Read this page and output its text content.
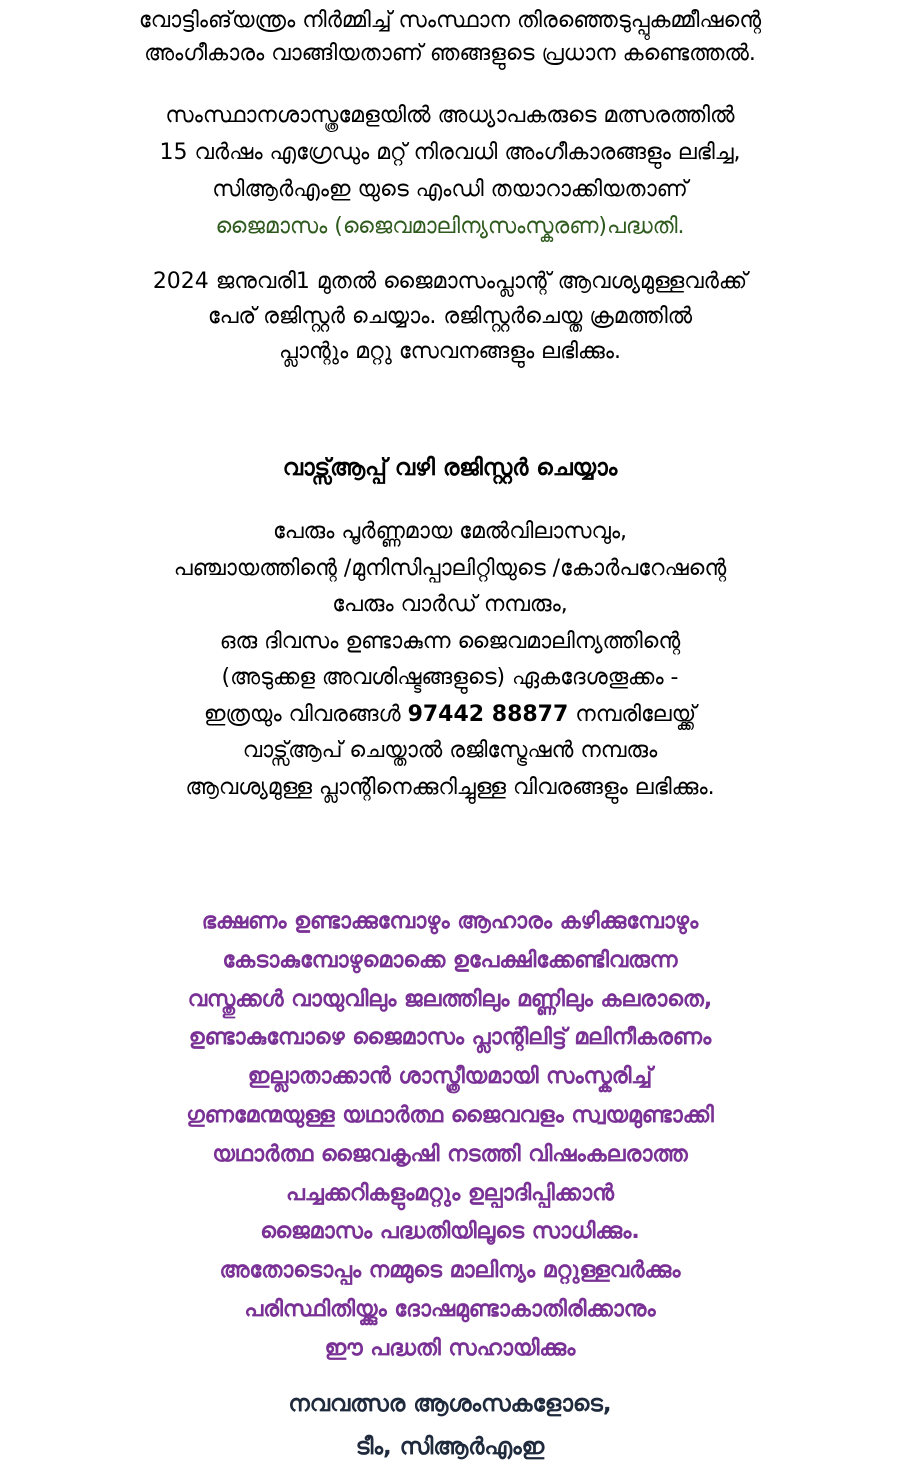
വോട്ടിംങ്‌യന്ത്രം നിർമ്മിച്ച് സംസ്ഥാന തിരഞ്ഞെടുപ്പുകമ്മീഷന്റെ
അംഗീകാരം വാങ്ങിയതാണ് ഞങ്ങളുടെ പ്രധാന കണ്ടെത്തൽ.
സംസ്ഥാനശാസ്ത്രമേളയിൽ അധ്യാപകരുടെ മത്സരത്തിൽ
15 വർഷം എഗ്രേഡും മറ്റ് നിരവധി അംഗീകാരങ്ങളും ലഭിച്ച,
സിആർഎംഇ യുടെ എംഡി തയാറാക്കിയതാണ്
ജൈമാസം (ജൈവമാലിന്യസംസ്കരണ)പദ്ധതി.
2024 ജനുവരി1 മുതൽ ജൈമാസംപ്ലാന്റ് ആവശ്യമുള്ളവർക്ക്
പേര് രജിസ്റ്റർ ചെയ്യാം. രജിസ്റ്റർചെയ്ത ക്രമത്തിൽ
പ്ലാന്റും മറ്റു സേവനങ്ങളും ലഭിക്കും.
വാട്സ്ആപ്പ് വഴി രജിസ്റ്റർ ചെയ്യാം
പേരും പൂർണ്ണമായ മേൽവിലാസവും,
പഞ്ചായത്തിന്റെ /മുനിസിപ്പാലിറ്റിയുടെ /കോർപറേഷന്റെ
പേരും വാർഡ് നമ്പരും,
ഒരു ദിവസം ഉണ്ടാകുന്ന ജൈവമാലിന്യത്തിന്റെ
(അടുക്കള അവശിഷ്ടങ്ങളുടെ) ഏകദേശതൂക്കം -
ഇത്രയും വിവരങ്ങൾ 97442 88877 നമ്പരിലേയ്ക്ക്
വാട്സ്ആപ് ചെയ്താൽ രജിസ്ട്രേഷൻ നമ്പരും
ആവശ്യമുള്ള പ്ലാന്റിനെക്കുറിച്ചുള്ള വിവരങ്ങളും ലഭിക്കും.
ഭക്ഷണം ഉണ്ടാക്കുമ്പോഴും ആഹാരം കഴിക്കുമ്പോഴും
കേടാകുമ്പോഴുമൊക്കെ ഉപേക്ഷിക്കേണ്ടിവരുന്ന
വസ്തുക്കൾ വായുവിലും ജലത്തിലും മണ്ണിലും കലരാതെ,
ഉണ്ടാകുമ്പോഴെ ജൈമാസം പ്ലാന്റിലിട്ട് മലിനീകരണം
ഇല്ലാതാക്കാൻ ശാസ്ത്രീയമായി സംസ്കരിച്ച്
ഗുണമേന്മയുള്ള യഥാർത്ഥ ജൈവവളം സ്വയമുണ്ടാക്കി
യഥാർത്ഥ ജൈവകൃഷി നടത്തി വിഷംകലരാത്ത
പച്ചക്കറികളുംമറ്റും ഉല്പാദിപ്പിക്കാൻ
ജൈമാസം പദ്ധതിയിലൂടെ സാധിക്കും.
അതോടൊപ്പം നമ്മുടെ മാലിന്യം മറ്റുള്ളവർക്കും
പരിസ്ഥിതിയ്ക്കും ദോഷമുണ്ടാകാതിരിക്കാനും
ഈ പദ്ധതി സഹായിക്കും
നവവത്സര ആശംസകളോടെ,
ടീം, സിആർഎംഇ
